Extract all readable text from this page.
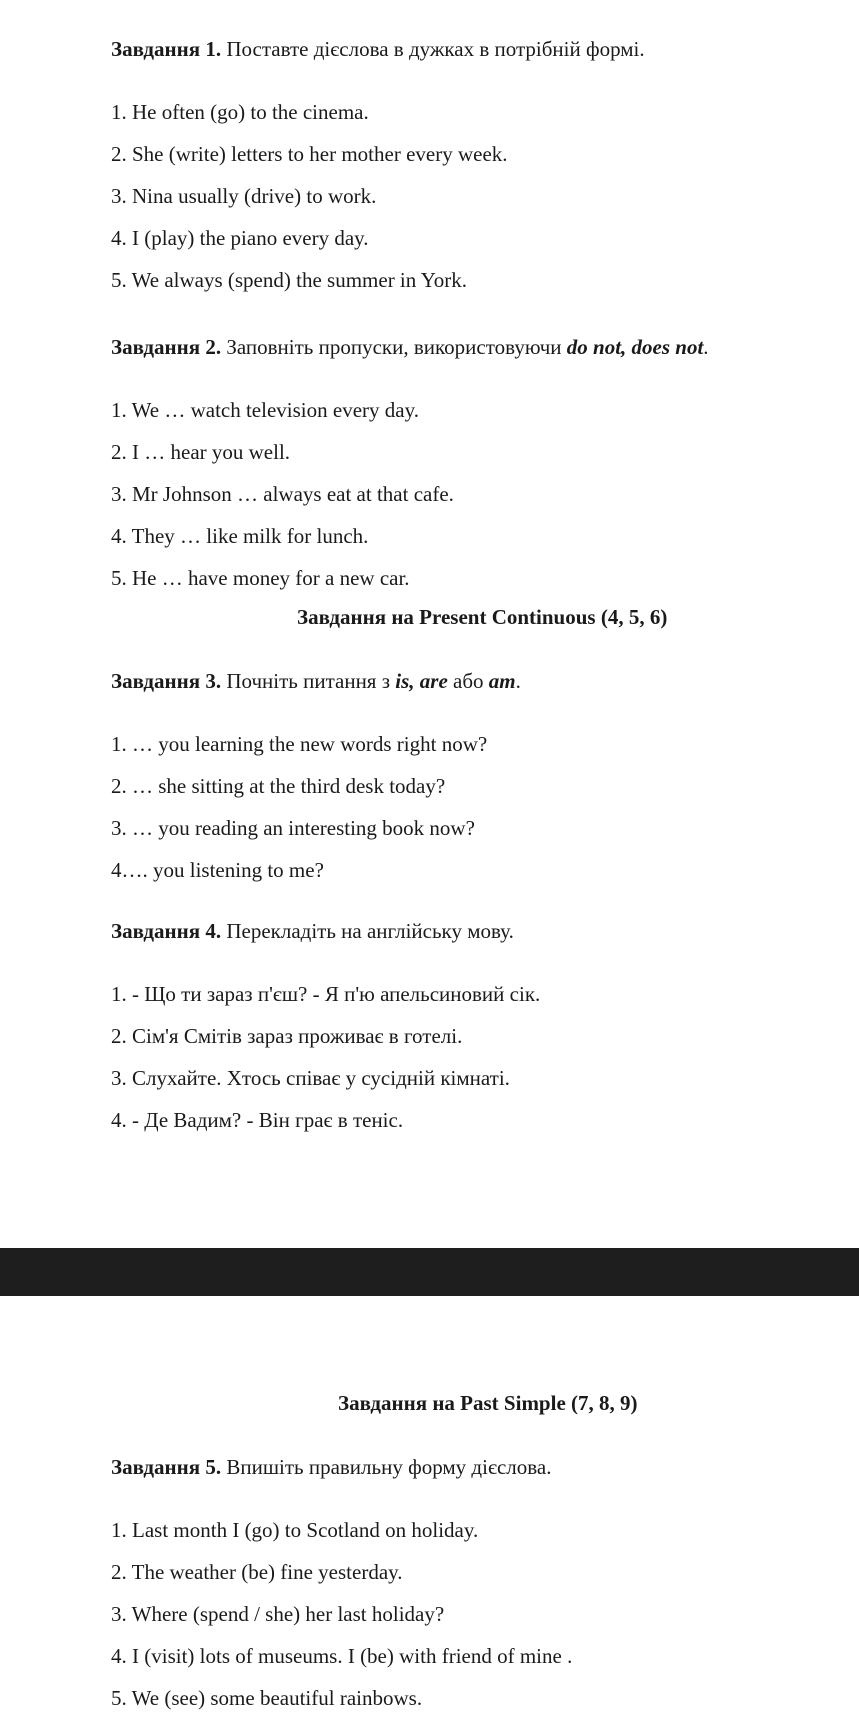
Завдання 1. Поставте дієслова в дужках в потрібній формі.

1. He often (go) to the cinema.

2. She (write) letters to her mother every week.

3. Nina usually (drive) to work.

4. I (play) the piano every day.

5. We always (spend) the summer in York.

Завдання 2. Заповніть пропуски, використовуючи do not, does not.

1. We … watch television every day.

2. I … hear you well.

3. Mr Johnson … always eat at that cafe.

4. They … like milk for lunch.

5. He … have money for a new car.

Завдання на Present Continuous (4, 5, 6)

Завдання 3. Почніть питання з is, are або am.

1. … you learning the new words right now?

2. … she sitting at the third desk today?

3. … you reading an interesting book now?

4…. you listening to me?

Завдання 4. Перекладіть на англійську мову.

1. - Що ти зараз п'єш? - Я п'ю апельсиновий сік.

2. Сім'я Смітів зараз проживає в готелі.

3. Слухайте. Хтось співає у сусідній кімнаті.

4. - Де Вадим? - Він грає в теніс.

Завдання на Past Simple (7, 8, 9)

Завдання 5. Впишіть правильну форму дієслова.

1. Last month I (go) to Scotland on holiday.

2. The weather (be) fine yesterday.

3. Where (spend / she) her last holiday?

4. I (visit) lots of museums. I (be) with friend of mine .

5. We (see) some beautiful rainbows.
